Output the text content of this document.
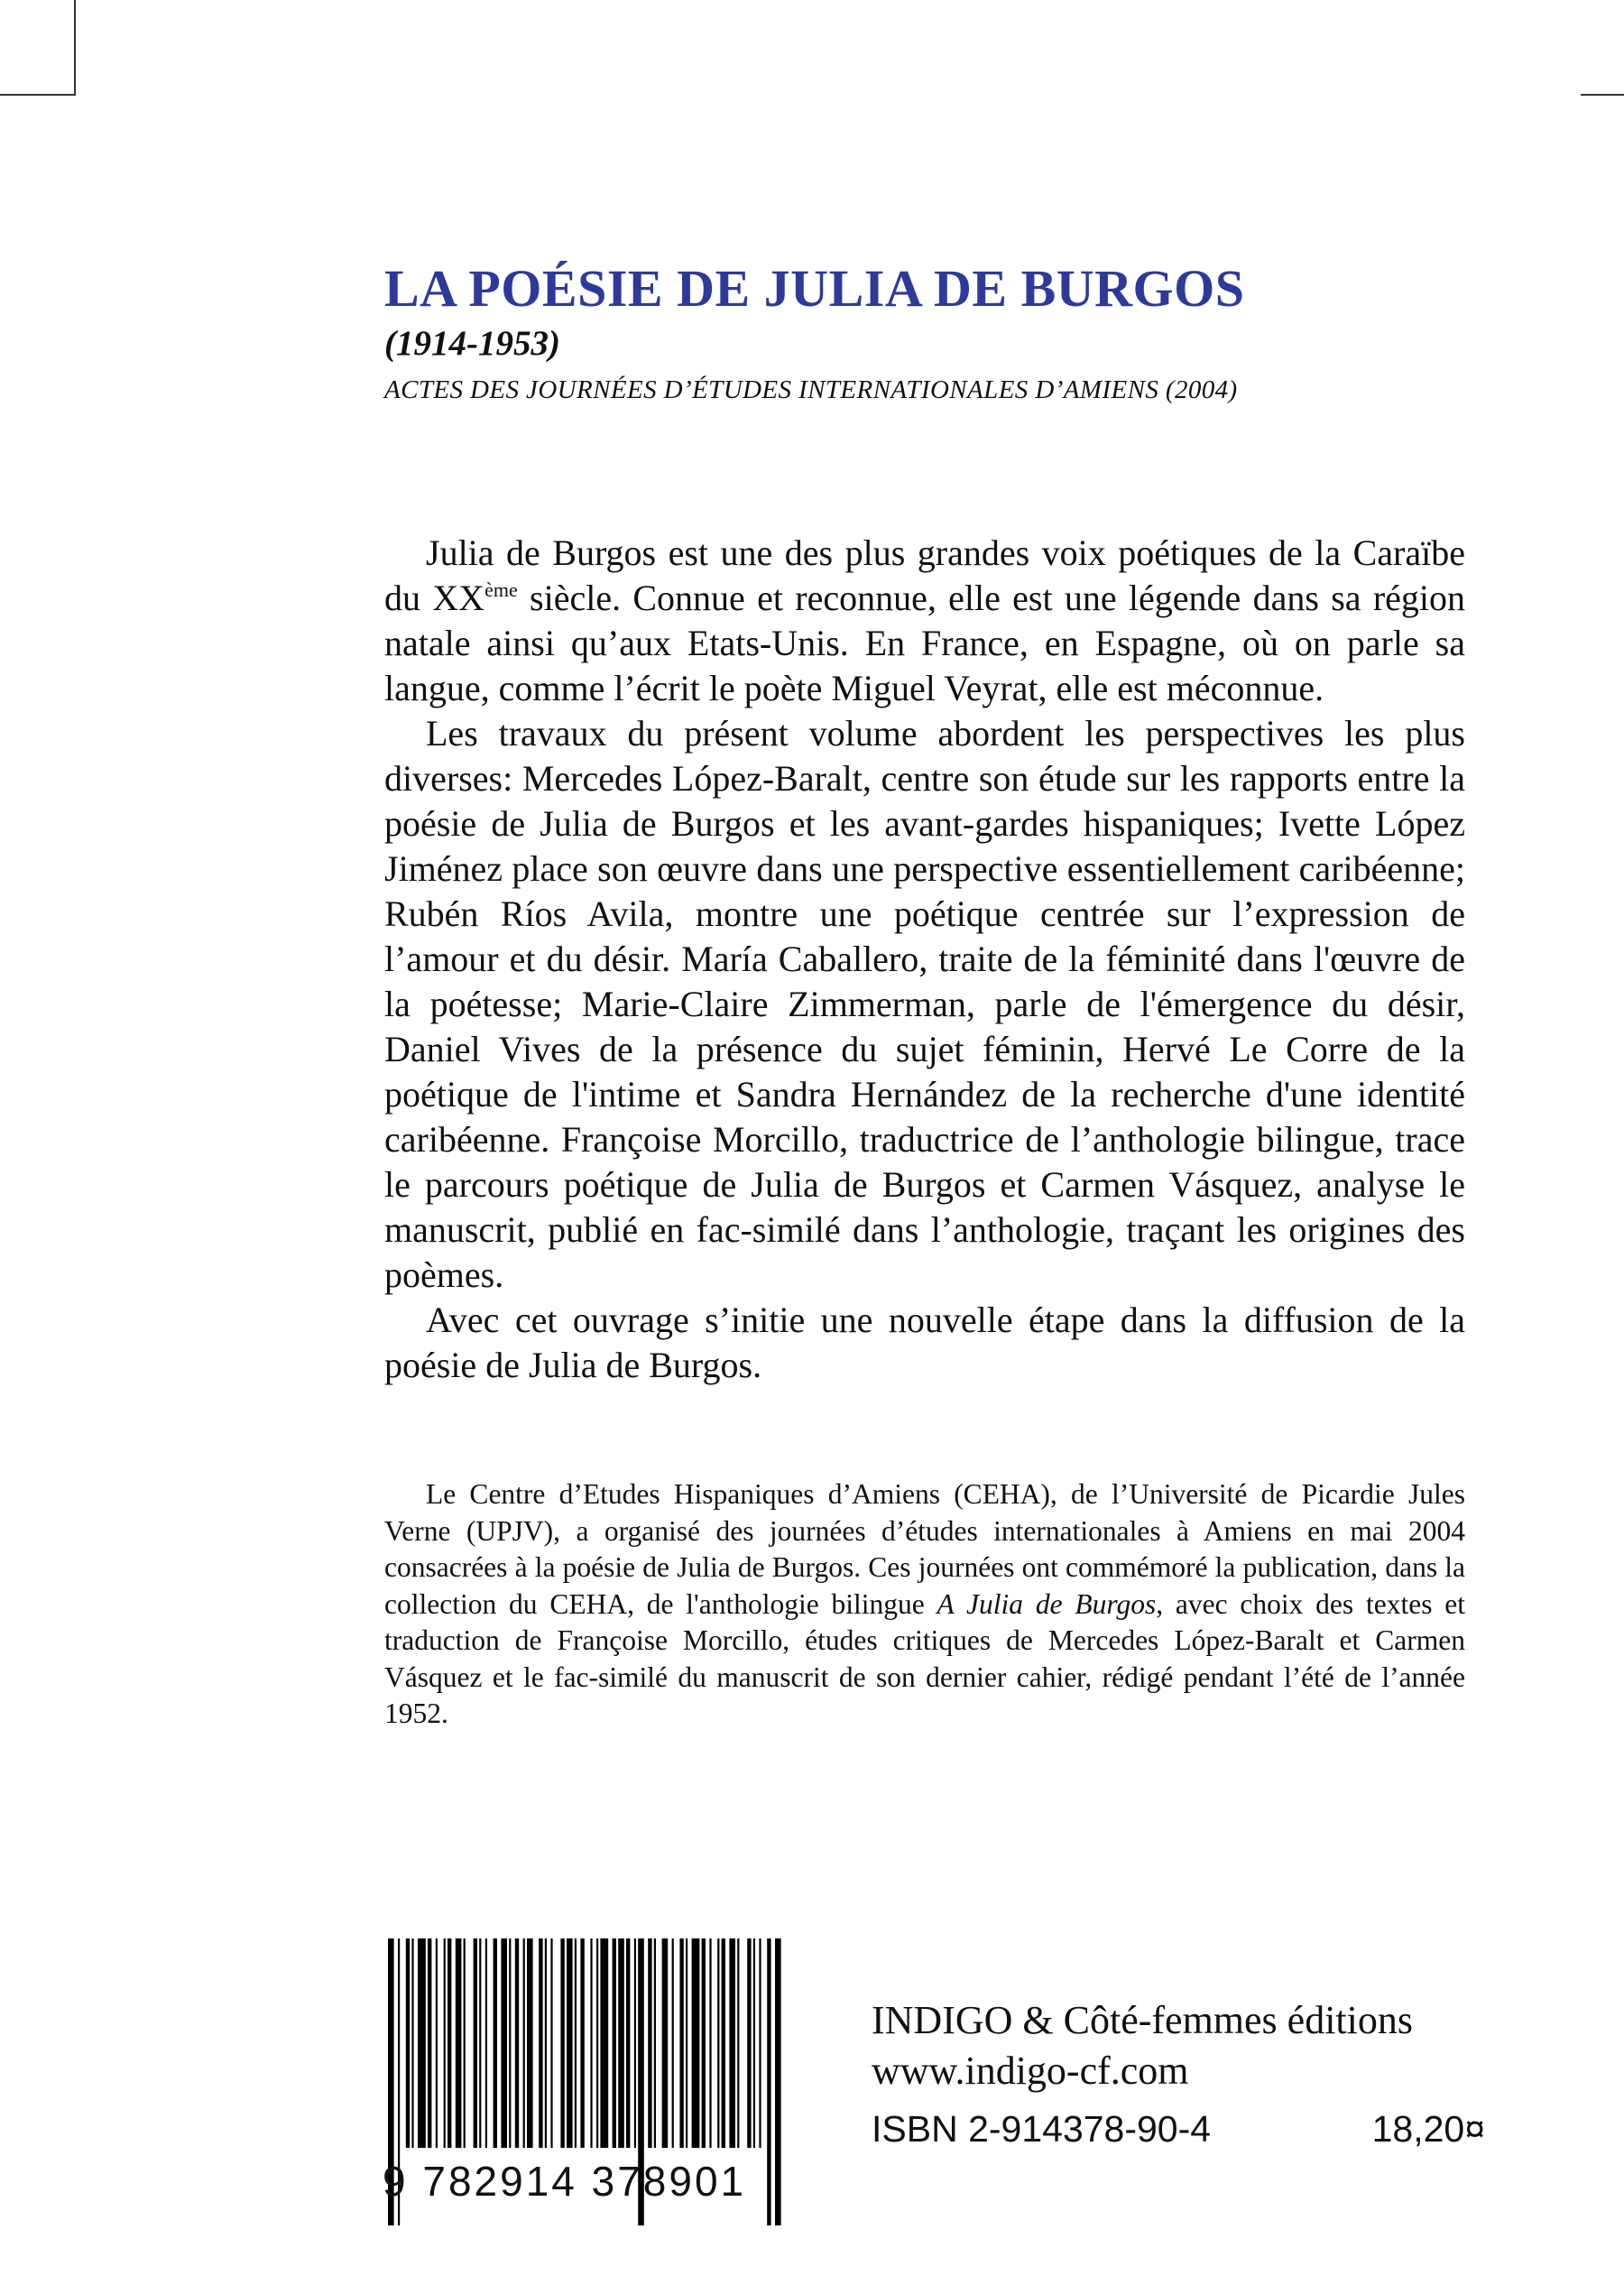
LA POÉSIE DE JULIA DE BURGOS
(1914-1953)
ACTES DES JOURNÉES D’ÉTUDES INTERNATIONALES D’AMIENS (2004)

Julia de Burgos est une des plus grandes voix poétiques de la Caraïbe du XXème siècle. Connue et reconnue, elle est une légende dans sa région natale ainsi qu’aux Etats-Unis. En France, en Espagne, où on parle sa langue, comme l’écrit le poète Miguel Veyrat, elle est méconnue.

Les travaux du présent volume abordent les perspectives les plus diverses: Mercedes López-Baralt, centre son étude sur les rapports entre la poésie de Julia de Burgos et les avant-gardes hispaniques; Ivette López Jiménez place son œuvre dans une perspective essentiellement caribéenne; Rubén Ríos Avila, montre une poétique centrée sur l’expression de l’amour et du désir. María Caballero, traite de la féminité dans l'œuvre de la poétesse; Marie-Claire Zimmerman, parle de l'émergence du désir, Daniel Vives de la présence du sujet féminin, Hervé Le Corre de la poétique de l'intime et Sandra Hernández de la recherche d'une identité caribéenne. Françoise Morcillo, traductrice de l’anthologie bilingue, trace le parcours poétique de Julia de Burgos et Carmen Vásquez, analyse le manuscrit, publié en fac-similé dans l’anthologie, traçant les origines des poèmes.

Avec cet ouvrage s’initie une nouvelle étape dans la diffusion de la poésie de Julia de Burgos.

Le Centre d’Etudes Hispaniques d’Amiens (CEHA), de l’Université de Picardie Jules Verne (UPJV), a organisé des journées d’études internationales à Amiens en mai 2004 consacrées à la poésie de Julia de Burgos. Ces journées ont commémoré la publication, dans la collection du CEHA, de l'anthologie bilingue A Julia de Burgos, avec choix des textes et traduction de Françoise Morcillo, études critiques de Mercedes López-Baralt et Carmen Vásquez et le fac-similé du manuscrit de son dernier cahier, rédigé pendant l’été de l’année 1952.

9 782914 378901
INDIGO & Côté-femmes éditions
www.indigo-cf.com
ISBN 2-914378-90-4	18,20¤
